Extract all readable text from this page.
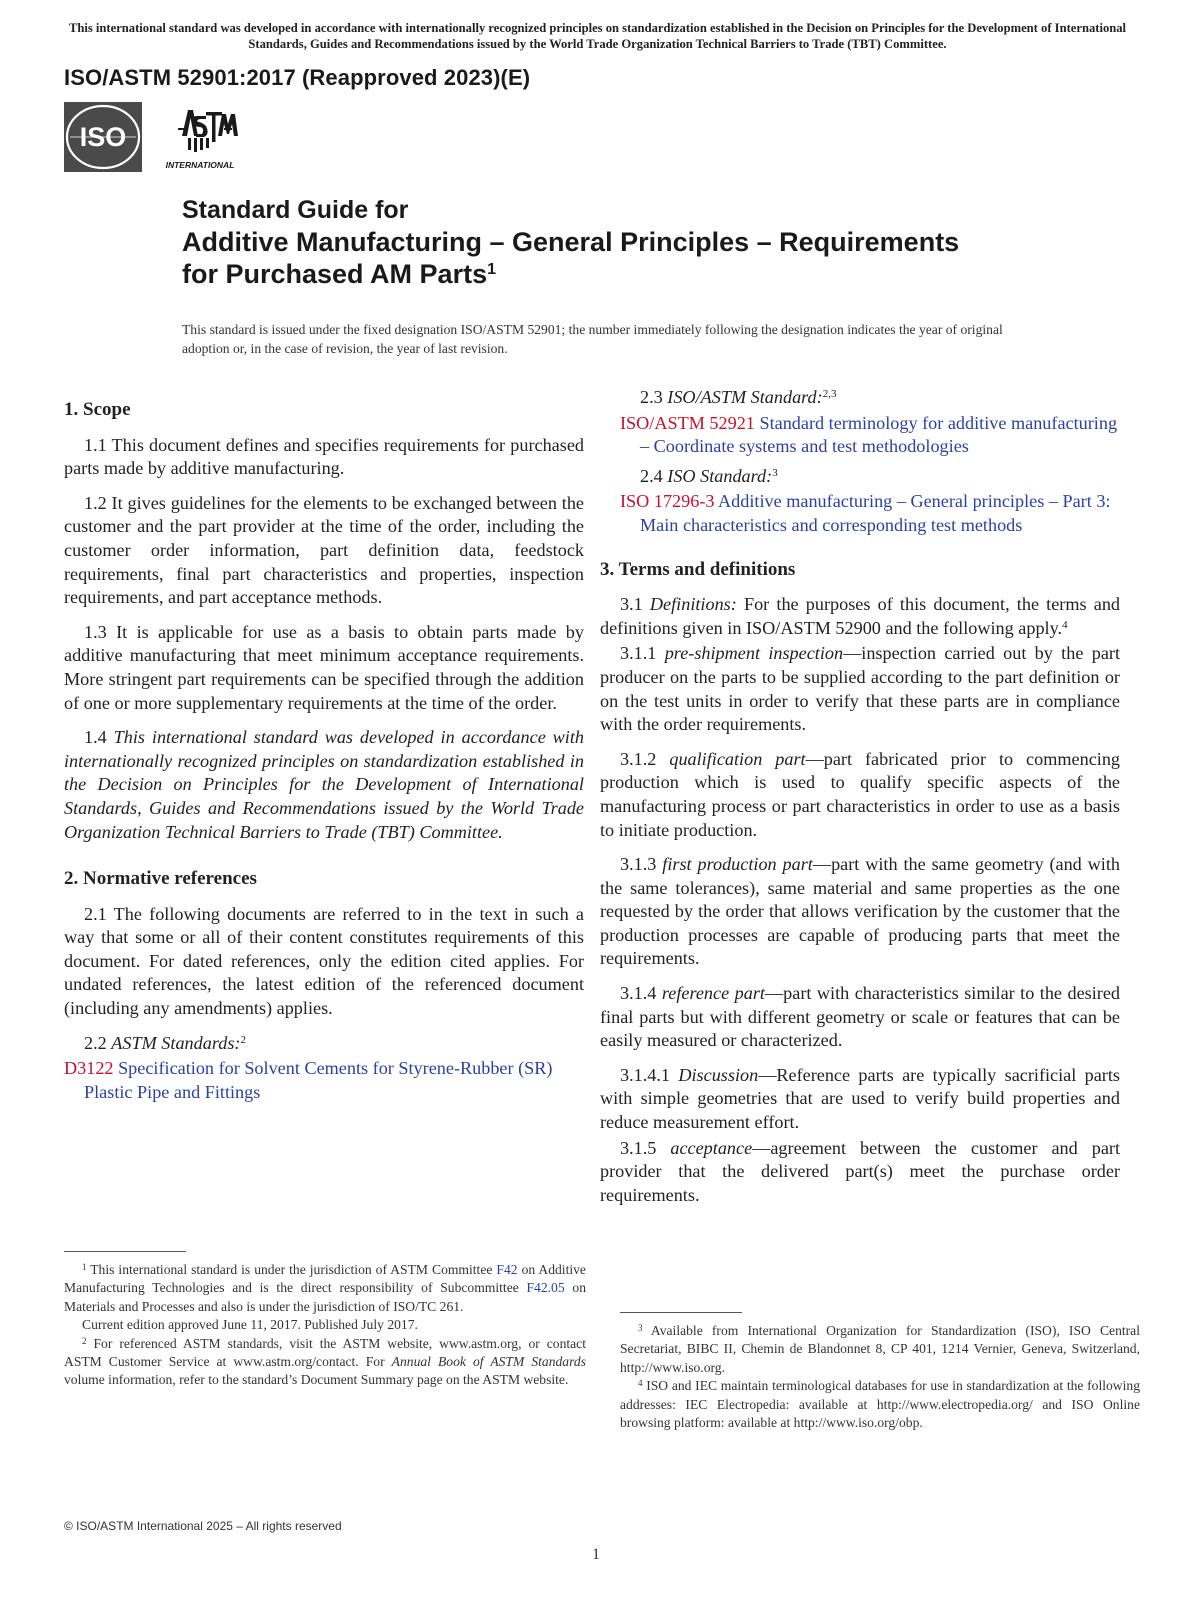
This international standard was developed in accordance with internationally recognized principles on standardization established in the Decision on Principles for the Development of International Standards, Guides and Recommendations issued by the World Trade Organization Technical Barriers to Trade (TBT) Committee.
ISO/ASTM 52901:2017 (Reapproved 2023)(E)
ISO
INTERNATIONAL
Standard Guide for
Additive Manufacturing – General Principles – Requirements
for Purchased AM Parts$^1$
This standard is issued under the fixed designation ISO/ASTM 52901; the number immediately following the designation indicates the year of original adoption or, in the case of revision, the year of last revision.
1. Scope

1.1 This document defines and specifies requirements for purchased parts made by additive manufacturing.

1.2 It gives guidelines for the elements to be exchanged between the customer and the part provider at the time of the order, including the customer order information, part definition data, feedstock requirements, final part characteristics and properties, inspection requirements, and part acceptance methods.

1.3 It is applicable for use as a basis to obtain parts made by additive manufacturing that meet minimum acceptance requirements. More stringent part requirements can be specified through the addition of one or more supplementary requirements at the time of the order.

1.4 This international standard was developed in accordance with internationally recognized principles on standardization established in the Decision on Principles for the Development of International Standards, Guides and Recommendations issued by the World Trade Organization Technical Barriers to Trade (TBT) Committee.

2. Normative references

2.1 The following documents are referred to in the text in such a way that some or all of their content constitutes requirements of this document. For dated references, only the edition cited applies. For undated references, the latest edition of the referenced document (including any amendments) applies.

2.2 ASTM Standards:$^2$

D3122 Specification for Solvent Cements for Styrene-Rubber (SR) Plastic Pipe and Fittings

2.3 ISO/ASTM Standard:$^{2,3}$

ISO/ASTM 52921 Standard terminology for additive manufacturing – Coordinate systems and test methodologies

2.4 ISO Standard:$^3$

ISO 17296-3 Additive manufacturing – General principles – Part 3: Main characteristics and corresponding test methods

3. Terms and definitions

3.1 Definitions: For the purposes of this document, the terms and definitions given in ISO/ASTM 52900 and the following apply.$^4$

3.1.1 pre-shipment inspection—inspection carried out by the part producer on the parts to be supplied according to the part definition or on the test units in order to verify that these parts are in compliance with the order requirements.

3.1.2 qualification part—part fabricated prior to commencing production which is used to qualify specific aspects of the manufacturing process or part characteristics in order to use as a basis to initiate production.

3.1.3 first production part—part with the same geometry (and with the same tolerances), same material and same properties as the one requested by the order that allows verification by the customer that the production processes are capable of producing parts that meet the requirements.

3.1.4 reference part—part with characteristics similar to the desired final parts but with different geometry or scale or features that can be easily measured or characterized.

3.1.4.1 Discussion—Reference parts are typically sacrificial parts with simple geometries that are used to verify build properties and reduce measurement effort.

3.1.5 acceptance—agreement between the customer and part provider that the delivered part(s) meet the purchase order requirements.

$^1$ This international standard is under the jurisdiction of ASTM Committee F42 on Additive Manufacturing Technologies and is the direct responsibility of Subcommittee F42.05 on Materials and Processes and also is under the jurisdiction of ISO/TC 261.

Current edition approved June 11, 2017. Published July 2017.

$^2$ For referenced ASTM standards, visit the ASTM website, www.astm.org, or contact ASTM Customer Service at www.astm.org/contact. For Annual Book of ASTM Standards volume information, refer to the standard’s Document Summary page on the ASTM website.

$^3$ Available from International Organization for Standardization (ISO), ISO Central Secretariat, BIBC II, Chemin de Blandonnet 8, CP 401, 1214 Vernier, Geneva, Switzerland, http://www.iso.org.

$^4$ ISO and IEC maintain terminological databases for use in standardization at the following addresses: IEC Electropedia: available at http://www.electropedia.org/ and ISO Online browsing platform: available at http://www.iso.org/obp.

© ISO/ASTM International 2025 – All rights reserved
1
